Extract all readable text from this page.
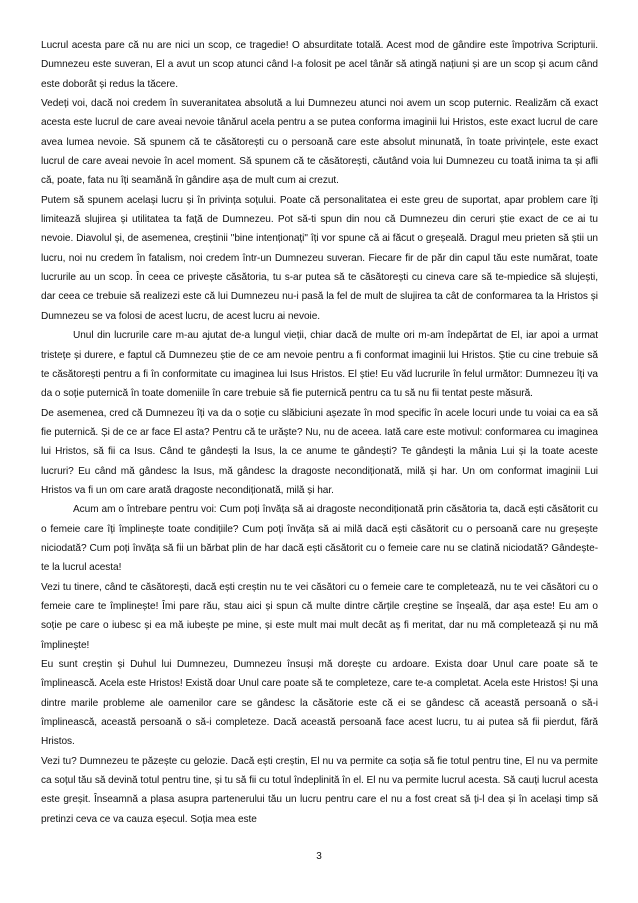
Lucrul acesta pare că nu are nici un scop, ce tragedie! O absurditate totală. Acest mod de gândire este împotriva Scripturii. Dumnezeu este suveran, El a avut un scop atunci când l-a folosit pe acel tânăr să atingă națiuni și are un scop și acum când este doborât și redus la tăcere.

Vedeți voi, dacă noi credem în suveranitatea absolută a lui Dumnezeu atunci noi avem un scop puternic. Realizăm că exact acesta este lucrul de care aveai nevoie tânărul acela pentru a se putea conforma imaginii lui Hristos, este exact lucrul de care avea lumea nevoie. Să spunem că te căsătorești cu o persoană care este absolut minunată, în toate privințele, este exact lucrul de care aveai nevoie în acel moment. Să spunem că te căsătorești, căutând voia lui Dumnezeu cu toată inima ta și afli că, poate, fata nu îți seamănă în gândire așa de mult cum ai crezut.

Putem să spunem același lucru și în privința soțului. Poate că personalitatea ei este greu de suportat, apar problem care îți limitează slujirea și utilitatea ta față de Dumnezeu. Pot să-ti spun din nou că Dumnezeu din ceruri știe exact de ce ai tu nevoie. Diavolul și, de asemenea, creștinii "bine intenționați" îți vor spune că ai făcut o greșeală. Dragul meu prieten să știi un lucru, noi nu credem în fatalism, noi credem într-un Dumnezeu suveran. Fiecare fir de păr din capul tău este numărat, toate lucrurile au un scop. În ceea ce privește căsătoria, tu s-ar putea să te căsătorești cu cineva care să te-mpiedice să slujești, dar ceea ce trebuie să realizezi este că lui Dumnezeu nu-i pasă la fel de mult de slujirea ta cât de conformarea ta la Hristos și Dumnezeu se va folosi de acest lucru, de acest lucru ai nevoie.

Unul din lucrurile care m-au ajutat de-a lungul vieții, chiar dacă de multe ori m-am îndepărtat de El, iar apoi a urmat tristețe și durere, e faptul că Dumnezeu știe de ce am nevoie pentru a fi conformat imaginii lui Hristos. Știe cu cine trebuie să te căsătorești pentru a fi în conformitate cu imaginea lui Isus Hristos. El știe! Eu văd lucrurile în felul următor: Dumnezeu îți va da o soție puternică în toate domeniile în care trebuie să fie puternică pentru ca tu să nu fii tentat peste măsură.

De asemenea, cred că Dumnezeu îți va da o soție cu slăbiciuni așezate în mod specific în acele locuri unde tu voiai ca ea să fie puternică. Și de ce ar face El asta? Pentru că te urăște? Nu, nu de aceea. Iată care este motivul: conformarea cu imaginea lui Hristos, să fii ca Isus. Când te gândești la Isus, la ce anume te gândești? Te gândești la mânia Lui și la toate aceste lucruri? Eu când mă gândesc la Isus, mă gândesc la dragoste necondiționată, milă și har. Un om conformat imaginii Lui Hristos va fi un om care arată dragoste necondiționată, milă și har.

Acum am o întrebare pentru voi: Cum poți învăța să ai dragoste necondiționată prin căsătoria ta, dacă ești căsătorit cu o femeie care îți împlinește toate condițiile? Cum poți învăța să ai milă dacă ești căsătorit cu o persoană care nu greșește niciodată? Cum poți învăța să fii un bărbat plin de har dacă ești căsătorit cu o femeie care nu se clatină niciodată? Gândește-te la lucrul acesta!

Vezi tu tinere, când te căsătorești, dacă ești creștin nu te vei căsători cu o femeie care te completează, nu te vei căsători cu o femeie care te împlinește! Îmi pare rău, stau aici și spun că multe dintre cărțile creștine se înșeală, dar așa este! Eu am o soție pe care o iubesc și ea mă iubește pe mine, și este mult mai mult decât aș fi meritat, dar nu mă completează și nu mă împlinește!

Eu sunt creștin și Duhul lui Dumnezeu, Dumnezeu însuși mă dorește cu ardoare. Exista doar Unul care poate să te împlinească. Acela este Hristos! Există doar Unul care poate să te completeze, care te-a completat. Acela este Hristos! Și una dintre marile probleme ale oamenilor care se gândesc la căsătorie este că ei se gândesc că această persoană o să-i împlinească, această persoană o să-i completeze. Dacă această persoană face acest lucru, tu ai putea să fii pierdut, fără Hristos.

Vezi tu? Dumnezeu te păzește cu gelozie. Dacă ești creștin, El nu va permite ca soția să fie totul pentru tine, El nu va permite ca soțul tău să devină totul pentru tine, și tu să fii cu totul îndeplinită în el. El nu va permite lucrul acesta. Să cauți lucrul acesta este greșit. Înseamnă a plasa asupra partenerului tău un lucru pentru care el nu a fost creat să ți-l dea și în același timp să pretinzi ceva ce va cauza eșecul. Soția mea este

3
